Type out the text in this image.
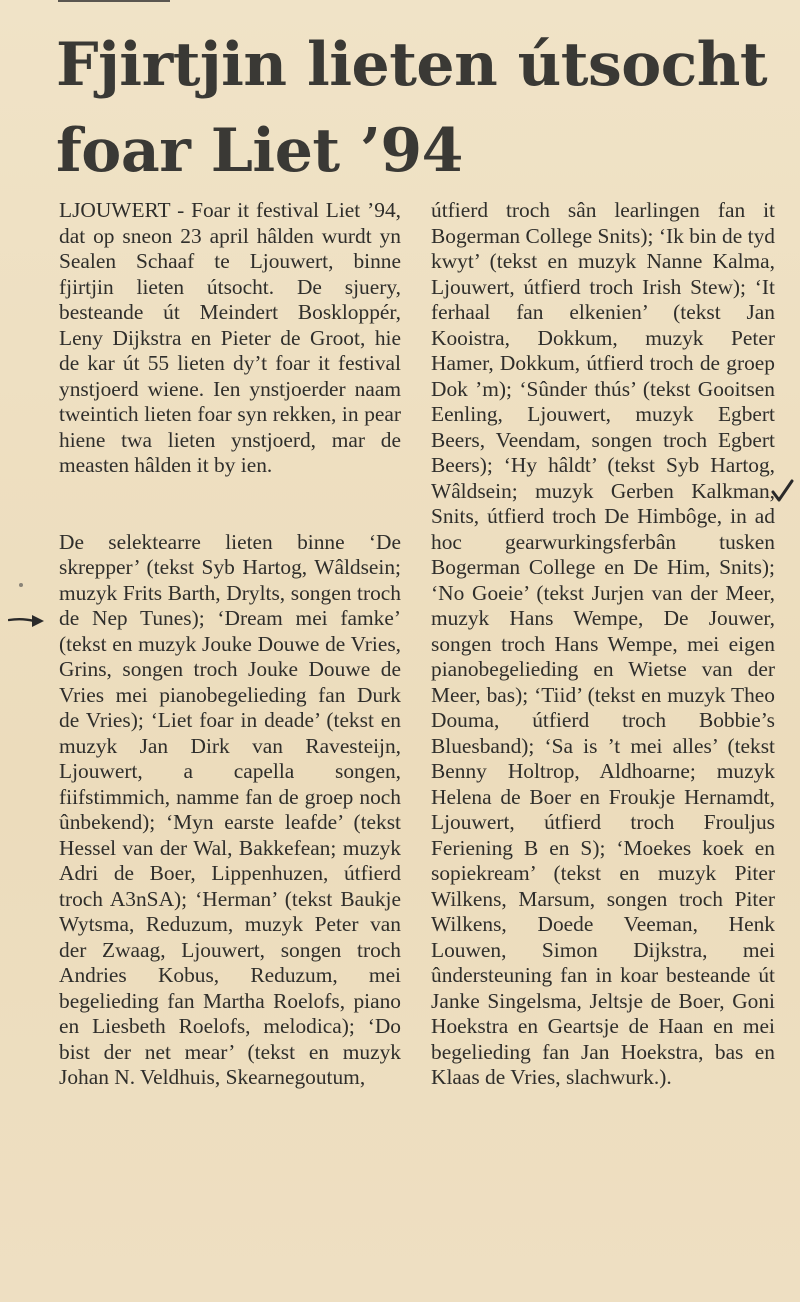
Fjirtjin lieten útsocht foar Liet ’94

LJOUWERT - Foar it festival Liet ’94, dat op sneon 23 april hâlden wurdt yn Sealen Schaaf te Ljouwert, binne fjirtjin lieten útsocht. De sjuery, besteande út Meindert Boskloppér, Leny Dijkstra en Pieter de Groot, hie de kar út 55 lieten dy’t foar it festival ynstjoerd wiene. Ien ynstjoerder naam tweintich lieten foar syn rekken, in pear hiene twa lieten ynstjoerd, mar de measten hâlden it by ien.

De selektearre lieten binne ‘De skrepper’ (tekst Syb Hartog, Wâldsein; muzyk Frits Barth, Drylts, songen troch de Nep Tunes); ‘Dream mei famke’ (tekst en muzyk Jouke Douwe de Vries, Grins, songen troch Jouke Douwe de Vries mei pianobegelieding fan Durk de Vries); ‘Liet foar in deade’ (tekst en muzyk Jan Dirk van Ravesteijn, Ljouwert, a capella songen, fiifstimmich, namme fan de groep noch ûnbekend); ‘Myn earste leafde’ (tekst Hessel van der Wal, Bakkefean; muzyk Adri de Boer, Lippenhuzen, útfierd troch A3nSA); ‘Herman’ (tekst Baukje Wytsma, Reduzum, muzyk Peter van der Zwaag, Ljouwert, songen troch Andries Kobus, Reduzum, mei begelieding fan Martha Roelofs, piano en Liesbeth Roelofs, melodica); ‘Do bist der net mear’ (tekst en muzyk Johan N. Veldhuis, Skearnegoutum,

útfierd troch sân learlingen fan it Bogerman College Snits); ‘Ik bin de tyd kwyt’ (tekst en muzyk Nanne Kalma, Ljouwert, útfierd troch Irish Stew); ‘It ferhaal fan elkenien’ (tekst Jan Kooistra, Dokkum, muzyk Peter Hamer, Dokkum, útfierd troch de groep Dok ’m); ‘Sûnder thús’ (tekst Gooitsen Eenling, Ljouwert, muzyk Egbert Beers, Veendam, songen troch Egbert Beers); ‘Hy hâldt’ (tekst Syb Hartog, Wâldsein; muzyk Gerben Kalkman, Snits, útfierd troch De Himbôge, in ad hoc gearwurkingsferbân tusken Bogerman College en De Him, Snits); ‘No Goeie’ (tekst Jurjen van der Meer, muzyk Hans Wempe, De Jouwer, songen troch Hans Wempe, mei eigen pianobegelieding en Wietse van der Meer, bas); ‘Tiid’ (tekst en muzyk Theo Douma, útfierd troch Bobbie’s Bluesband); ‘Sa is ’t mei alles’ (tekst Benny Holtrop, Aldhoarne; muzyk Helena de Boer en Froukje Hernamdt, Ljouwert, útfierd troch Frouljus Feriening B en S); ‘Moekes koek en sopiekream’ (tekst en muzyk Piter Wilkens, Marsum, songen troch Piter Wilkens, Doede Veeman, Henk Louwen, Simon Dijkstra, mei ûndersteuning fan in koar besteande út Janke Singelsma, Jeltsje de Boer, Goni Hoekstra en Geartsje de Haan en mei begelieding fan Jan Hoekstra, bas en Klaas de Vries, slachwurk.).
